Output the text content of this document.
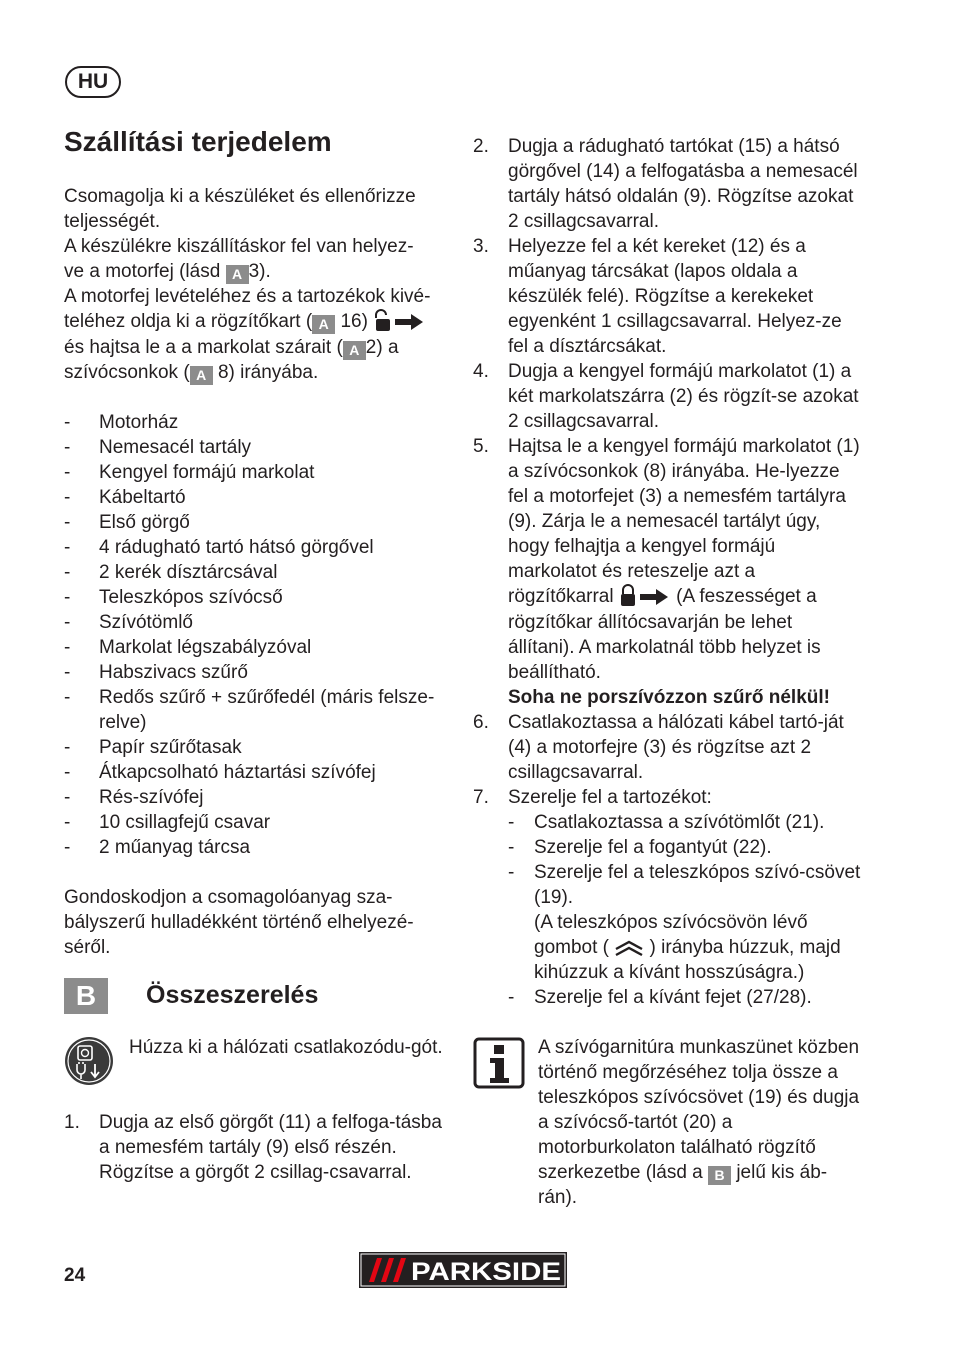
HU
Szállítási terjedelem

Csomagolja ki a készüléket és ellenőrizze teljességét.

A készülékre kiszállításkor fel van helyez-
ve a motorfej (lásd A 3).

A motorfej levételéhez és a tartozékok kivé-
teléhez oldja ki a rögzítőkart ( A 16)
és hajtsa le a a markolat szárait ( A 2) a
szívócsonkok ( A 8) irányába.

- Motorház
- Nemesacél tartály
- Kengyel formájú markolat
- Kábeltartó
- Első görgő
- 4 rádugható tartó hátsó görgővel
- 2 kerék dísztárcsával
- Teleszkópos szívócső
- Szívótömlő
- Markolat légszabályzóval
- Habszivacs szűrő
- Redős szűrő + szűrőfedél (máris felsze-relve)
- Papír szűrőtasak
- Átkapcsolható háztartási szívófej
- Rés-szívófej
- 10 csillagfejű csavar
- 2 műanyag tárcsa

Gondoskodjon a csomagolóanyag sza-bályszerű hulladékként történő elhelyezé-séről.

B	Összeszerelés
Húzza ki a hálózati csatlakozódu-gót.
1. Dugja az első görgőt (11) a felfoga-tásba a nemesfém tartály (9) első részén. Rögzítse a görgőt 2 csillag-csavarral.
2. Dugja a rádugható tartókat (15) a hátsó görgővel (14) a felfogatásba a nemesacél tartály hátsó oldalán (9). Rögzítse azokat 2 csillagcsavarral.
3. Helyezze fel a két kereket (12) és a műanyag tárcsákat (lapos oldala a készülék felé). Rögzítse a kerekeket egyenként 1 csillagcsavarral. Helyez-ze fel a dísztárcsákat.
4. Dugja a kengyel formájú markolatot (1) a két markolatszárra (2) és rögzít-se azokat 2 csillagcsavarral.
5. Hajtsa le a kengyel formájú markolatot (1) a szívócsonkok (8) irányába. He-lyezze fel a motorfejet (3) a nemesfém tartályra (9). Zárja le a nemesacél tartályt úgy, hogy felhajtja a kengyel formájú markolatot és reteszelje azt a rögzítőkarral	(A feszességet a rögzítőkar állítócsavarján be lehet állítani). A markolatnál több helyzet is beállítható.
Soha ne porszívózzon szűrő nélkül!
6. Csatlakoztassa a hálózati kábel tartó-ját (4) a motorfejre (3) és rögzítse azt 2 csillagcsavarral.
7. Szerelje fel a tartozékot:
- Csatlakoztassa a szívótömlőt (21).
- Szerelje fel a fogantyút (22).
- Szerelje fel a teleszkópos szívó-csövet (19).
(A teleszkópos szívócsövön lévő gombot ( ) irányba húzzuk, majd kihúzzuk a kívánt hosszúságra.)
- Szerelje fel a kívánt fejet (27/28).
A szívógarnitúra munkaszünet közben történő megőrzéséhez tolja össze a teleszkópos szívócsövet (19) és dugja a szívócső-tartót (20) a motorburkolaton található rögzítő szerkezetbe (lásd a B jelű kis áb-rán).
24	PARKSIDE
